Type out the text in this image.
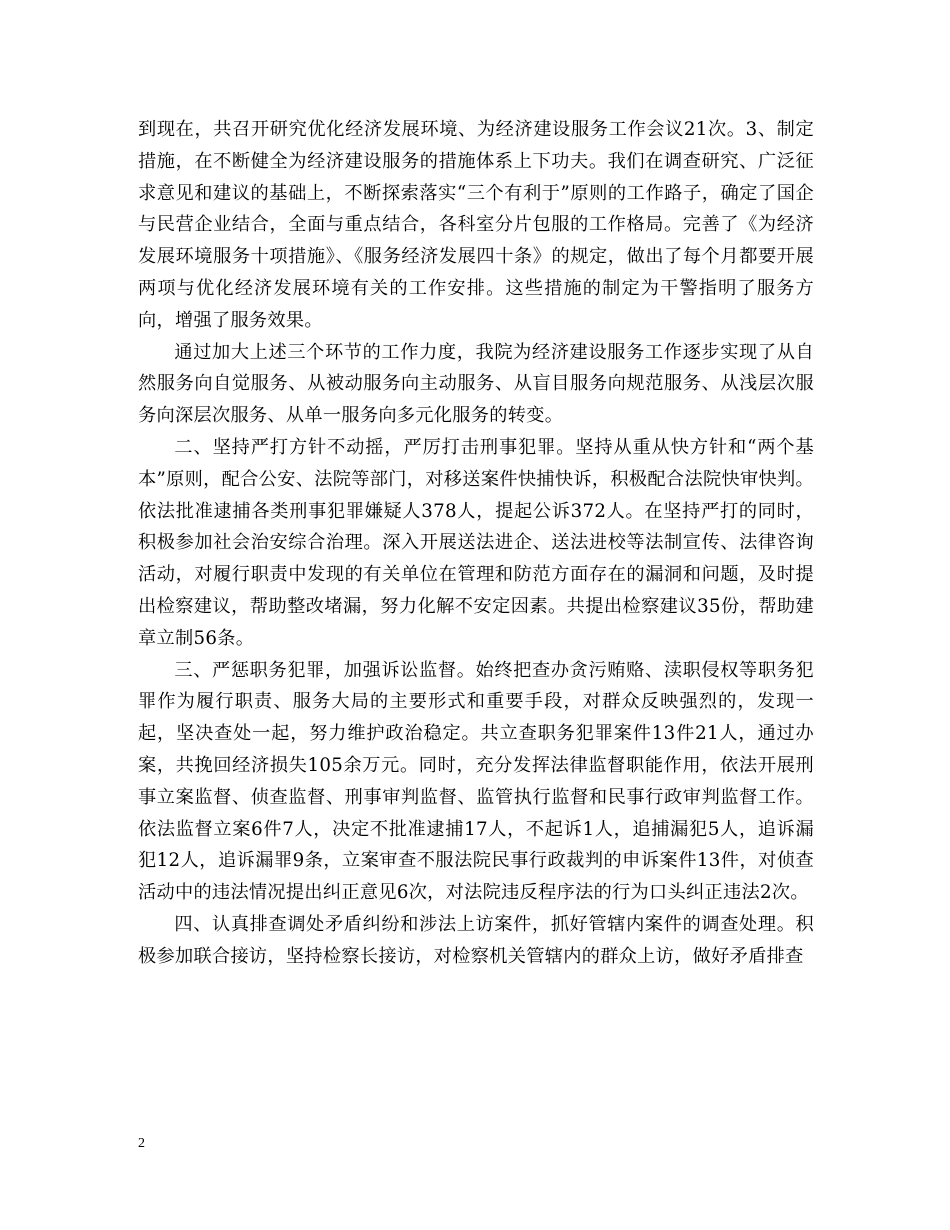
到现在，共召开研究优化经济发展环境、为经济建设服务工作会议21次。3、制定措施，在不断健全为经济建设服务的措施体系上下功夫。我们在调查研究、广泛征求意见和建议的基础上，不断探索落实“三个有利于”原则的工作路子，确定了国企与民营企业结合，全面与重点结合，各科室分片包服的工作格局。完善了《为经济发展环境服务十项措施》、《服务经济发展四十条》的规定，做出了每个月都要开展两项与优化经济发展环境有关的工作安排。这些措施的制定为干警指明了服务方向，增强了服务效果。

通过加大上述三个环节的工作力度，我院为经济建设服务工作逐步实现了从自然服务向自觉服务、从被动服务向主动服务、从盲目服务向规范服务、从浅层次服务向深层次服务、从单一服务向多元化服务的转变。

二、坚持严打方针不动摇，严厉打击刑事犯罪。坚持从重从快方针和“两个基本”原则，配合公安、法院等部门，对移送案件快捕快诉，积极配合法院快审快判。依法批准逮捕各类刑事犯罪嫌疑人378人，提起公诉372人。在坚持严打的同时，积极参加社会治安综合治理。深入开展送法进企、送法进校等法制宣传、法律咨询活动，对履行职责中发现的有关单位在管理和防范方面存在的漏洞和问题，及时提出检察建议，帮助整改堵漏，努力化解不安定因素。共提出检察建议35份，帮助建章立制56条。

三、严惩职务犯罪，加强诉讼监督。始终把查办贪污贿赂、渎职侵权等职务犯罪作为履行职责、服务大局的主要形式和重要手段，对群众反映强烈的，发现一起，坚决查处一起，努力维护政治稳定。共立查职务犯罪案件13件21人，通过办案，共挽回经济损失105余万元。同时，充分发挥法律监督职能作用，依法开展刑事立案监督、侦查监督、刑事审判监督、监管执行监督和民事行政审判监督工作。依法监督立案6件7人，决定不批准逮捕17人，不起诉1人，追捕漏犯5人，追诉漏犯12人，追诉漏罪9条，立案审查不服法院民事行政裁判的申诉案件13件，对侦查活动中的违法情况提出纠正意见6次，对法院违反程序法的行为口头纠正违法2次。

四、认真排查调处矛盾纠纷和涉法上访案件，抓好管辖内案件的调查处理。积极参加联合接访，坚持检察长接访，对检察机关管辖内的群众上访，做好矛盾排查

2
